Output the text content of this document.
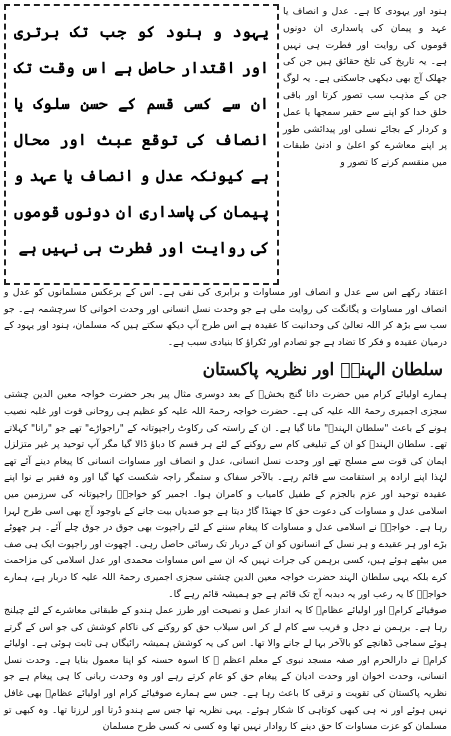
ہنود اور یہودی کا ہے۔ عدل و انصاف یا عہد و پیمان کی پاسداری ان دونوں قوموں کی روایت اور فطرت ہی نہیں ہے۔ یہ تاریخ کی تلخ حقائق ہیں جن کی جھلک آج بھی دیکھی جاسکتی ہے۔ یہ لوگ جن کے مذہب سب تصور کرتا اور باقی خلق خدا کو اپنے سے حقیر سمجھا یا عمل و کردار کے بجائے نسلی اور پیدائشی طور پر اپنے معاشرے کو اعلیٰ و ادنیٰ طبقات میں منقسم کرنے کا تصور و

یہود و ہنود کو جب تک برتری اور اقتدار حاصل ہے اس وقت تک ان سے کسی قسم کے حسن سلوک یا انصاف کی توقع عبث اور محال ہے کیونکہ عدل و انصاف یا عہد و پیمان کی پاسداری ان دونوں قوموں کی روایت اور فطرت ہی نہیں ہے

اعتقاد رکھے اس سے عدل و انصاف اور مساوات و برابری کی نفی ہے۔ اس کے برعکس مسلمانوں کو عدل و انصاف اور مساوات و یگانگت کی روایت ملی ہے جو وحدت نسل انسانی اور وحدت اخوانی کا سرچشمہ ہے۔ جو سب سے بڑھ کر اللہ تعالیٰ کی وحدانیت کا عقیدہ ہے اس طرح آپ دیکھ سکتے ہیں کہ مسلمان، ہنود اور یہود کے درمیان عقیدہ و فکر کا تضاد ہے جو تصادم اور ٹکراؤ کا بنیادی سبب ہے۔

سلطان الہندؒ اور نظریہ پاکستان

ہمارے اولیائے کرام میں حضرت داتا گنج بخشؒ کے بعد دوسری مثال پیر بجر حضرت خواجہ معین الدین چشتی سجزی اجمیری رحمۃ اللہ علیہ کی ہے۔ حضرت خواجہ رحمۃ اللہ علیہ کو عظیم ہی روحانی قوت اور غلبہ نصیب ہونے کے باعث "سلطان الہندؒ" مانا گیا ہے۔ ان کے راستہ کی رکاوٹ راجپوتانہ کے "راجواڑے" تھے جو "رانا" کہلاتے تھے۔ سلطان الہندؒ کو ان کے تبلیغی کام سے روکنے کے لئے ہر قسم کا دباؤ ڈالا گیا مگر آپ توحید پر غیر متزلزل ایمان کی قوت سے مسلح تھے اور وحدت نسل انسانی، عدل و انصاف اور مساوات انسانی کا پیغام دینے آئے تھے لہٰذا اپنے ارادہ پر استقامت سے قائم رہے۔ بالآخر سفاک و ستمگر راجہ شکست کھا گیا اور وہ فقیر بے نوا اپنے عقیدہ توحید اور عزم بالجزم کے طفیل کامیاب و کامران ہوا۔ اجمیر کو خواجہؒ راجپوتانہ کی سرزمین میں اسلامی عدل و مساوات کی دعوت حق کا جھنڈا گاڑ دیتا ہے جو صدیاں بیت جانے کے باوجود آج بھی اسی طرح لہرا رہا ہے۔ خواجہؒ نے اسلامی عدل و مساوات کا پیغام سننے کے لئے راجپوت بھی جوق در جوق چلے آئے۔ ہر چھوٹے بڑے اور ہر عقیدے و ہر نسل کے انسانوں کو ان کے دربار تک رسائی حاصل رہی۔ اچھوت اور راجپوت ایک ہی صف میں بیٹھے ہوئے ہیں، کسی برہمن کی جرات نہیں کہ ان سے اس مساوات محمدی اور عدل اسلامی کی مزاحمت کرے بلکہ یہی سلطان الہند حضرت خواجہ معین الدین چشتی سجزی اجمیری رحمۃ اللہ علیہ کا دربار ہے، ہمارے خواجہؒ کا یہ رعب اور یہ دبدبہ آج تک قائم ہے جو ہمیشہ قائم رہے گا۔

صوفیائے کرامؒ اور اولیائے عظامؒ کا یہ انداز عمل و نصیحت اور طرز عمل ہندو کے طبقاتی معاشرے کے لئے چیلنج رہا ہے۔ برہمن نے دجل و فریب سے کام لے کر اس سیلاب حق کو روکنے کی ناکام کوشش کی جو اس کے گرتے ہوئے سماجی ڈھانچے کو بالآخر بہا لے جانے والا تھا۔ اس کی یہ کوشش ہمیشہ رائیگاں ہی ثابت ہوئی ہے۔ اولیائے کرامؒ نے دارالحرم اور صفہ مسجد نبوی کے معلم اعظم ﷺ کا اسوہ حسنہ کو اپنا معمول بنایا ہے۔ وحدت نسل انسانی، وحدت اخوان اور وحدت ادیان کے پیغام حق کو عام کرتے رہے اور وہ وحدت ربانی کا ہی پیغام ہے جو نظریہ پاکستان کی تقویت و ترقی کا باعث رہا ہے۔ جس سے ہمارے صوفیائے کرام اور اولیائے عظامؒ بھی غافل نہیں ہوئے اور نہ ہی کبھی کوتاہی کا شکار ہوئے۔ یہی نظریہ تھا جس سے ہندو ڈرتا اور لرزتا تھا۔ وہ کبھی تو مسلمان کو عزت مساوات کا حق دینے کا روادار نہیں تھا وہ کسی نہ کسی طرح مسلمان
